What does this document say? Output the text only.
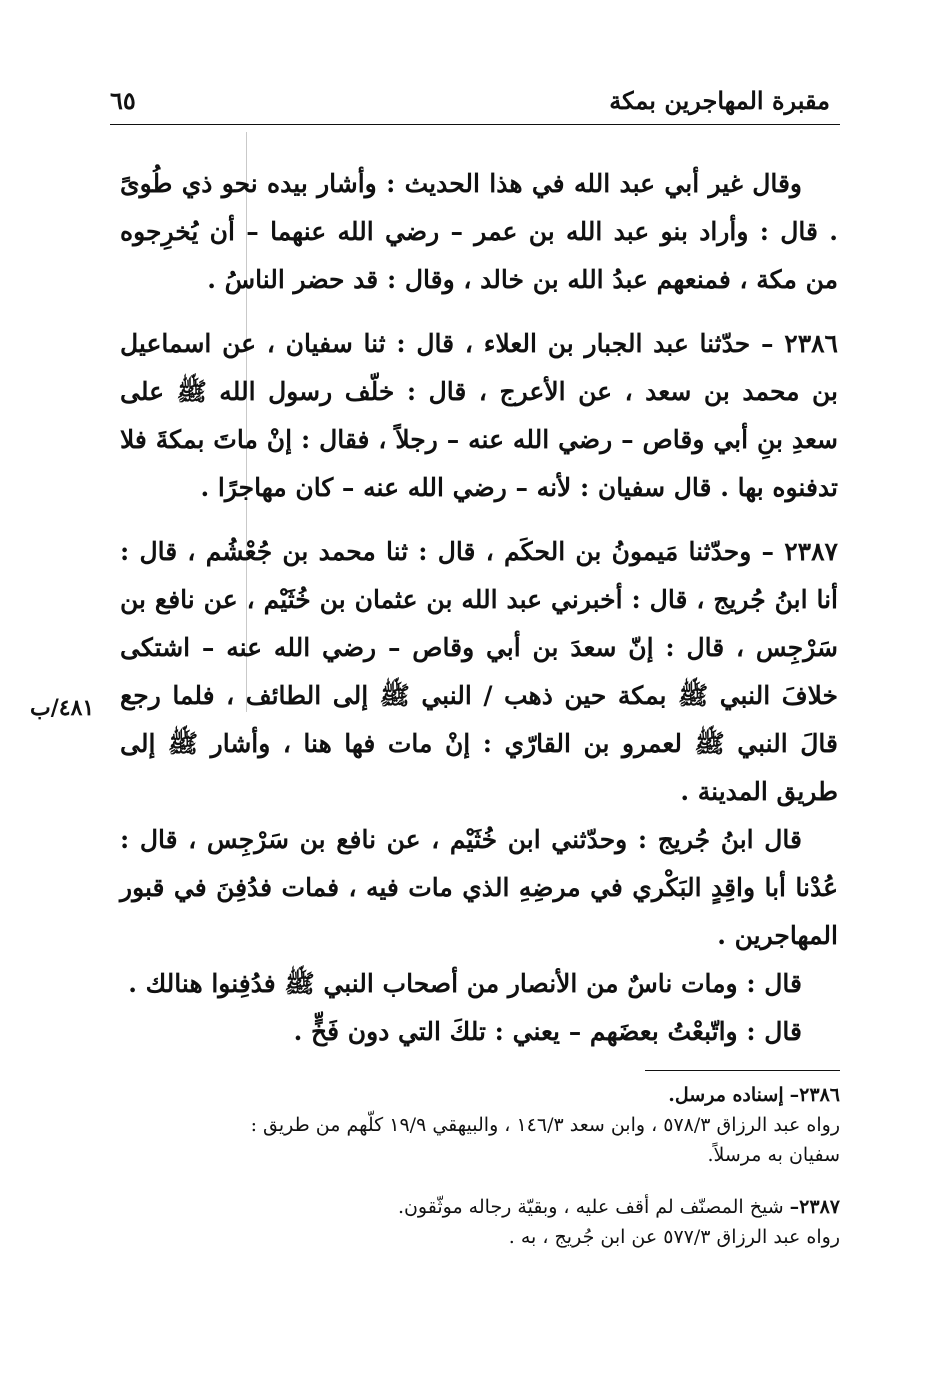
مقبرة المهاجرين بمكة
٦٥

وقال غير أبي عبد الله في هذا الحديث : وأشار بيده نحو ذي طُوىً . قال : وأراد بنو عبد الله بن عمر – رضي الله عنهما – أن يُخرِجوه من مكة ، فمنعهم عبدُ الله بن خالد ، وقال : قد حضر الناسُ .

٢٣٨٦ – حدّثنا عبد الجبار بن العلاء ، قال : ثنا سفيان ، عن اسماعيل بن محمد بن سعد ، عن الأعرج ، قال : خلّف رسول الله ﷺ على سعدِ بنِ أبي وقاص – رضي الله عنه – رجلاً ، فقال : إنْ ماتَ بمكةَ فلا تدفنوه بها . قال سفيان : لأنه – رضي الله عنه – كان مهاجرًا .

٢٣٨٧ – وحدّثنا مَيمونُ بن الحكَم ، قال : ثنا محمد بن جُعْشُم ، قال : أنا ابنُ جُريج ، قال : أخبرني عبد الله بن عثمان بن خُثَيْم ، عن نافع بن سَرْجِس ، قال : إنّ سعدَ بن أبي وقاص – رضي الله عنه – اشتكى خلافَ النبي ﷺ بمكة حين ذهب / النبي ﷺ إلى الطائف ، فلما رجع قالَ النبي ﷺ لعمرو بن القارّي : إنْ مات فها هنا ، وأشار ﷺ إلى طريق المدينة .

قال ابنُ جُريج : وحدّثني ابن خُثَيْم ، عن نافع بن سَرْجِس ، قال : عُدْنا أبا واقِدٍ البَكْري في مرضِهِ الذي مات فيه ، فمات فدُفِنَ في قبور المهاجرين .

قال : ومات ناسٌ من الأنصار من أصحاب النبي ﷺ فدُفِنوا هنالك .

قال : واتّبعْتُ بعضَهم – يعني : تلكَ التي دون فَخٍّ .

٤٨١/ب
٢٣٨٦– إسناده مرسل.
رواه عبد الرزاق ٥٧٨/٣ ، وابن سعد ١٤٦/٣ ، والبيهقي ١٩/٩ كلّهم من طريق :
سفيان به مرسلاً.
٢٣٨٧– شيخ المصنّف لم أقف عليه ، وبقيّة رجاله موثّقون.
رواه عبد الرزاق ٥٧٧/٣ عن ابن جُريج ، به .
